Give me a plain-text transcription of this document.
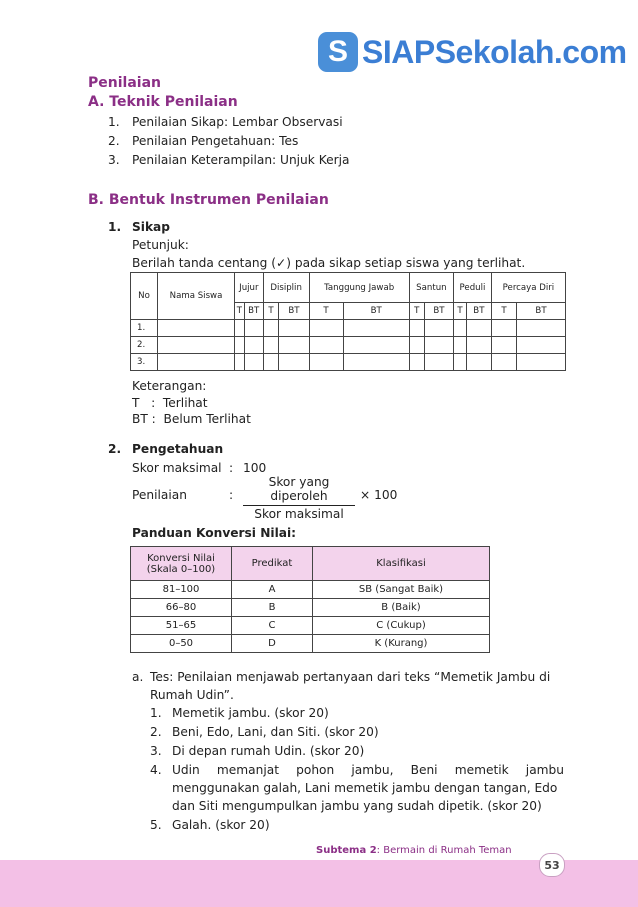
S SIAPSekolah.com
Penilaian
A. Teknik Penilaian
1.	Penilaian Sikap: Lembar Observasi
2.	Penilaian Pengetahuan: Tes
3.	Penilaian Keterampilan: Unjuk Kerja
B. Bentuk Instrumen Penilaian
1. Sikap
Petunjuk:
Berilah tanda centang (✓) pada sikap setiap siswa yang terlihat.
No	Nama Siswa	Jujur		Disiplin		Tanggung Jawab		Santun		Peduli		Percaya Diri	
		T	BT	T	BT	T	BT	T	BT	T	BT	T	BT
1.													
2.													
3.													
Keterangan:
T   :  Terlihat
BT :  Belum Terlihat
2. Pengetahuan
Skor maksimal : 100
Penilaian	:
Skor yang diperoleh
Skor maksimal
× 100
Panduan Konversi Nilai:
Konversi Nilai (Skala 0–100)	Predikat	Klasifikasi
81–100	A	SB (Sangat Baik)
66–80	B	B (Baik)
51–65	C	C (Cukup)
0–50	D	K (Kurang)
a. Tes: Penilaian menjawab pertanyaan dari teks “Memetik Jambu di
Rumah Udin”.
1. Memetik jambu. (skor 20)
2. Beni, Edo, Lani, dan Siti. (skor 20)
3. Di depan rumah Udin. (skor 20)
4. Udin memanjat pohon jambu, Beni memetik jambu
menggunakan galah, Lani memetik jambu dengan tangan, Edo
dan Siti mengumpulkan jambu yang sudah dipetik. (skor 20)
5. Galah. (skor 20)
Subtema 2: Bermain di Rumah Teman
53
